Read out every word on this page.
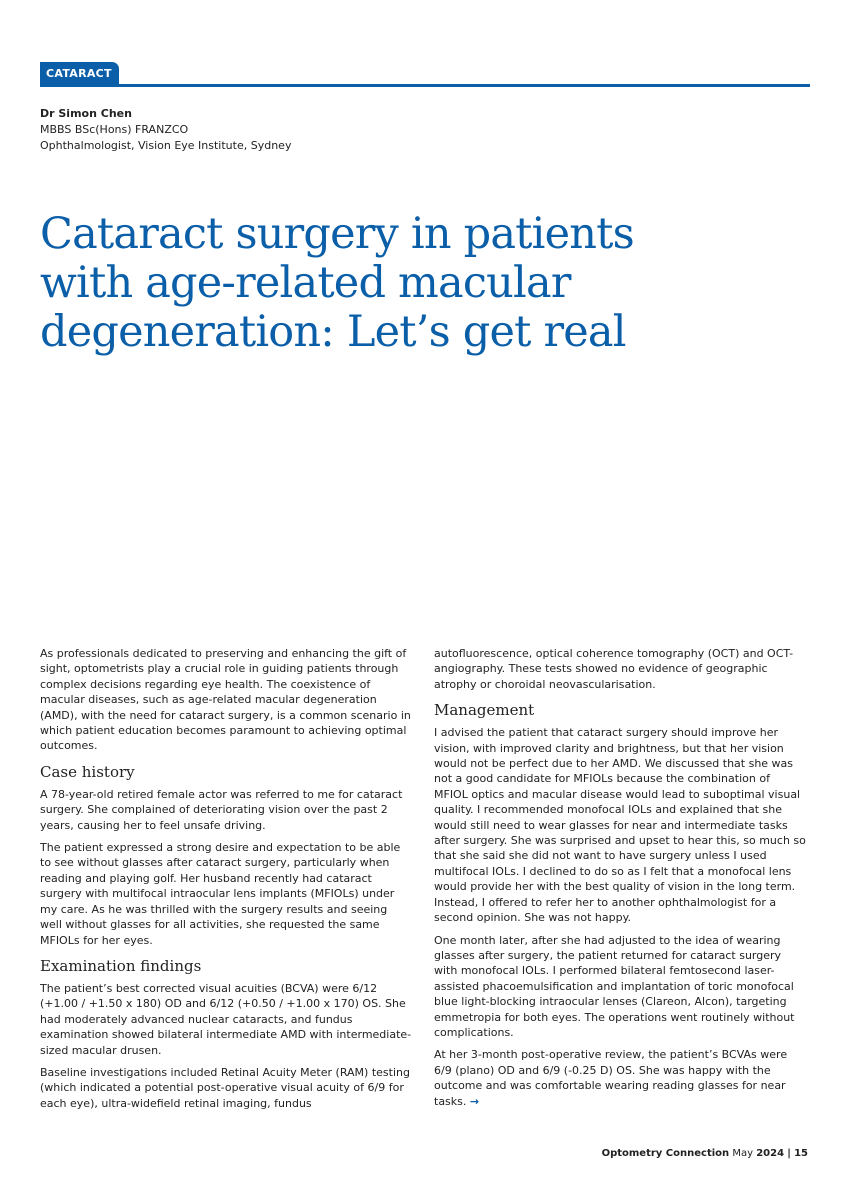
CATARACT
Dr Simon Chen
MBBS BSc(Hons) FRANZCO
Ophthalmologist, Vision Eye Institute, Sydney
Cataract surgery in patients
with age-related macular
degeneration: Let’s get real

As professionals dedicated to preserving and enhancing the gift of sight, optometrists play a crucial role in guiding patients through complex decisions regarding eye health. The coexistence of macular diseases, such as age-related macular degeneration (AMD), with the need for cataract surgery, is a common scenario in which patient education becomes paramount to achieving optimal outcomes.

Case history

A 78-year-old retired female actor was referred to me for cataract surgery. She complained of deteriorating vision over the past 2 years, causing her to feel unsafe driving.

The patient expressed a strong desire and expectation to be able to see without glasses after cataract surgery, particularly when reading and playing golf. Her husband recently had cataract surgery with multifocal intraocular lens implants (MFIOLs) under my care. As he was thrilled with the surgery results and seeing well without glasses for all activities, she requested the same MFIOLs for her eyes.

Examination findings

The patient’s best corrected visual acuities (BCVA) were 6/12 (+1.00 / +1.50 x 180) OD and 6/12 (+0.50 / +1.00 x 170) OS. She had moderately advanced nuclear cataracts, and fundus examination showed bilateral intermediate AMD with intermediate-sized macular drusen.

Baseline investigations included Retinal Acuity Meter (RAM) testing (which indicated a potential post-operative visual acuity of 6/9 for each eye), ultra-widefield retinal imaging, fundus

autofluorescence, optical coherence tomography (OCT) and OCT-angiography. These tests showed no evidence of geographic atrophy or choroidal neovascularisation.

Management

I advised the patient that cataract surgery should improve her vision, with improved clarity and brightness, but that her vision would not be perfect due to her AMD. We discussed that she was not a good candidate for MFIOLs because the combination of MFIOL optics and macular disease would lead to suboptimal visual quality. I recommended monofocal IOLs and explained that she would still need to wear glasses for near and intermediate tasks after surgery. She was surprised and upset to hear this, so much so that she said she did not want to have surgery unless I used multifocal IOLs. I declined to do so as I felt that a monofocal lens would provide her with the best quality of vision in the long term. Instead, I offered to refer her to another ophthalmologist for a second opinion. She was not happy.

One month later, after she had adjusted to the idea of wearing glasses after surgery, the patient returned for cataract surgery with monofocal IOLs. I performed bilateral femtosecond laser-assisted phacoemulsification and implantation of toric monofocal blue light-blocking intraocular lenses (Clareon, Alcon), targeting emmetropia for both eyes. The operations went routinely without complications.

At her 3-month post-operative review, the patient’s BCVAs were 6/9 (plano) OD and 6/9 (-0.25 D) OS. She was happy with the outcome and was comfortable wearing reading glasses for near tasks. →

Optometry Connection May 2024 | 15
